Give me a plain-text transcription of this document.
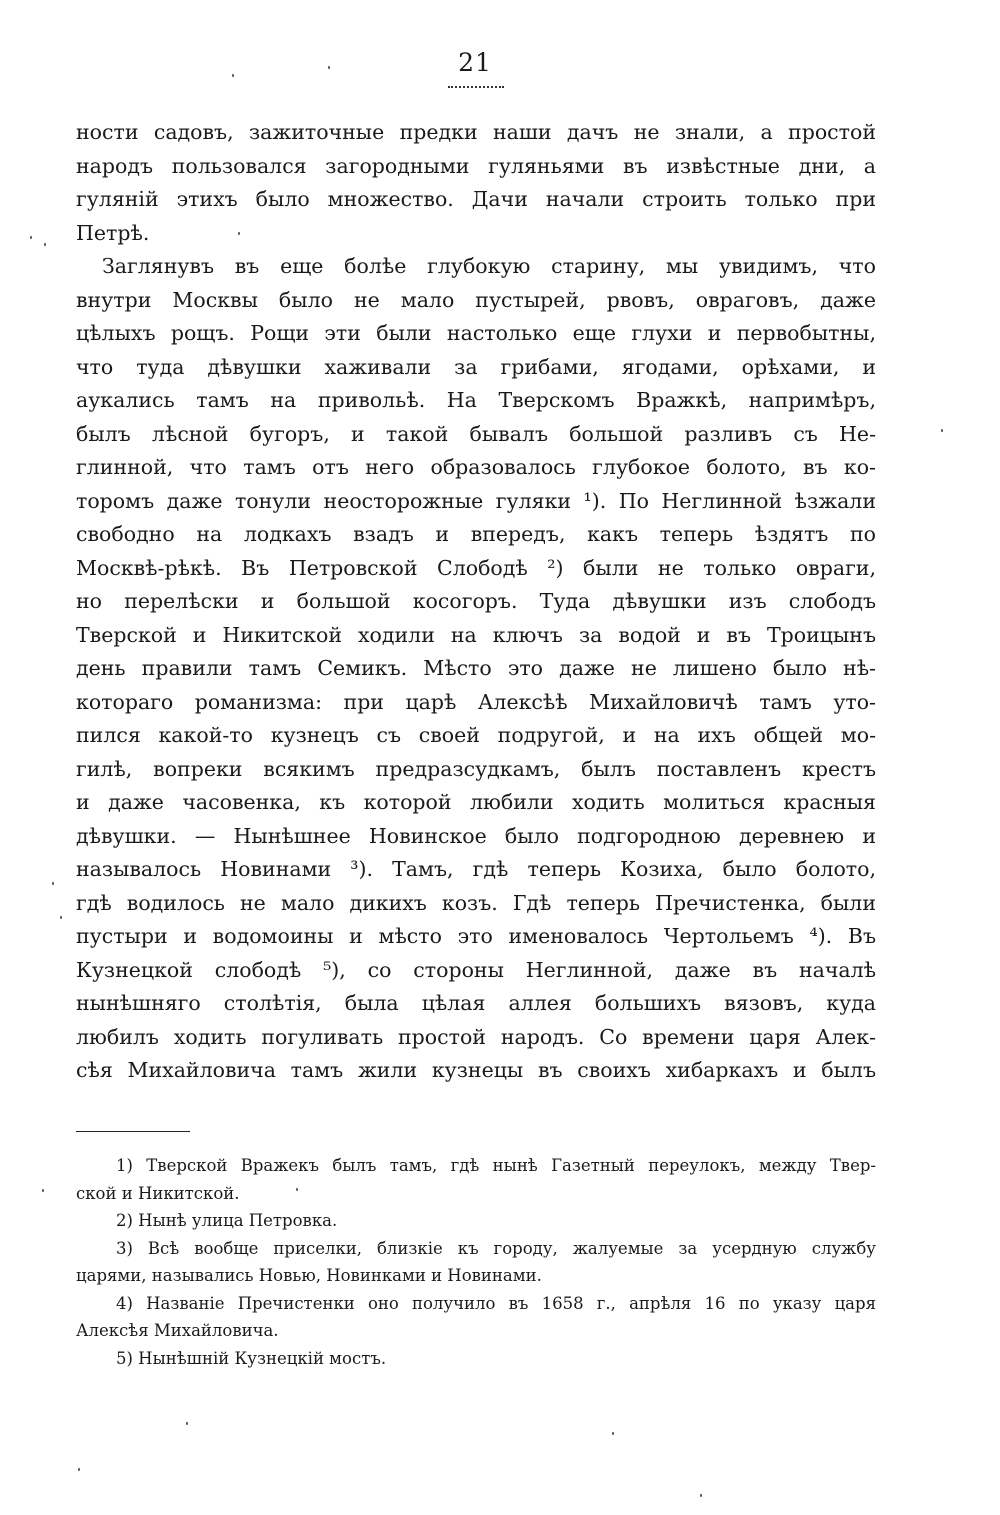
21
ности садовъ, зажиточные предки наши дачъ не знали, а простой
народъ пользовался загородными гуляньями въ извѣстные дни, а
гуляній этихъ было множество. Дачи начали строить только при
Петрѣ.
Заглянувъ въ еще болѣе глубокую старину, мы увидимъ, что
внутри Москвы было не мало пустырей, рвовъ, овраговъ, даже
цѣлыхъ рощъ. Рощи эти были настолько еще глухи и первобытны,
что туда дѣвушки хаживали за грибами, ягодами, орѣхами, и
аукались тамъ на привольѣ. На Тверскомъ Вражкѣ, напримѣръ,
былъ лѣсной бугоръ, и такой бывалъ большой разливъ съ Не-
глинной, что тамъ отъ него образовалось глубокое болото, въ ко-
торомъ даже тонули неосторожные гуляки ¹). По Неглинной ѣзжали
свободно на лодкахъ взадъ и впередъ, какъ теперь ѣздятъ по
Москвѣ-рѣкѣ. Въ Петровской Слободѣ ²) были не только овраги,
но перелѣски и большой косогоръ. Туда дѣвушки изъ слободъ
Тверской и Никитской ходили на ключъ за водой и въ Троицынъ
день правили тамъ Семикъ. Мѣсто это даже не лишено было нѣ-
котораго романизма: при царѣ Алексѣѣ Михайловичѣ тамъ уто-
пился какой-то кузнецъ съ своей подругой, и на ихъ общей мо-
гилѣ, вопреки всякимъ предразсудкамъ, былъ поставленъ крестъ
и даже часовенка, къ которой любили ходить молиться красныя
дѣвушки. — Нынѣшнее Новинское было подгородною деревнею и
называлось Новинами ³). Тамъ, гдѣ теперь Козиха, было болото,
гдѣ водилось не мало дикихъ козъ. Гдѣ теперь Пречистенка, были
пустыри и водомоины и мѣсто это именовалось Чертольемъ ⁴). Въ
Кузнецкой слободѣ ⁵), со стороны Неглинной, даже въ началѣ
нынѣшняго столѣтія, была цѣлая аллея большихъ вязовъ, куда
любилъ ходить погуливать простой народъ. Со времени царя Алек-
сѣя Михайловича тамъ жили кузнецы въ своихъ хибаркахъ и былъ
1) Тверской Вражекъ былъ тамъ, гдѣ нынѣ Газетный переулокъ, между Твер-
ской и Никитской.
2) Нынѣ улица Петровка.
3) Всѣ вообще приселки, близкіе къ городу, жалуемые за усердную службу
царями, назывались Новью, Новинками и Новинами.
4) Названіе Пречистенки оно получило въ 1658 г., апрѣля 16 по указу царя
Алексѣя Михайловича.
5) Нынѣшній Кузнецкій мостъ.
